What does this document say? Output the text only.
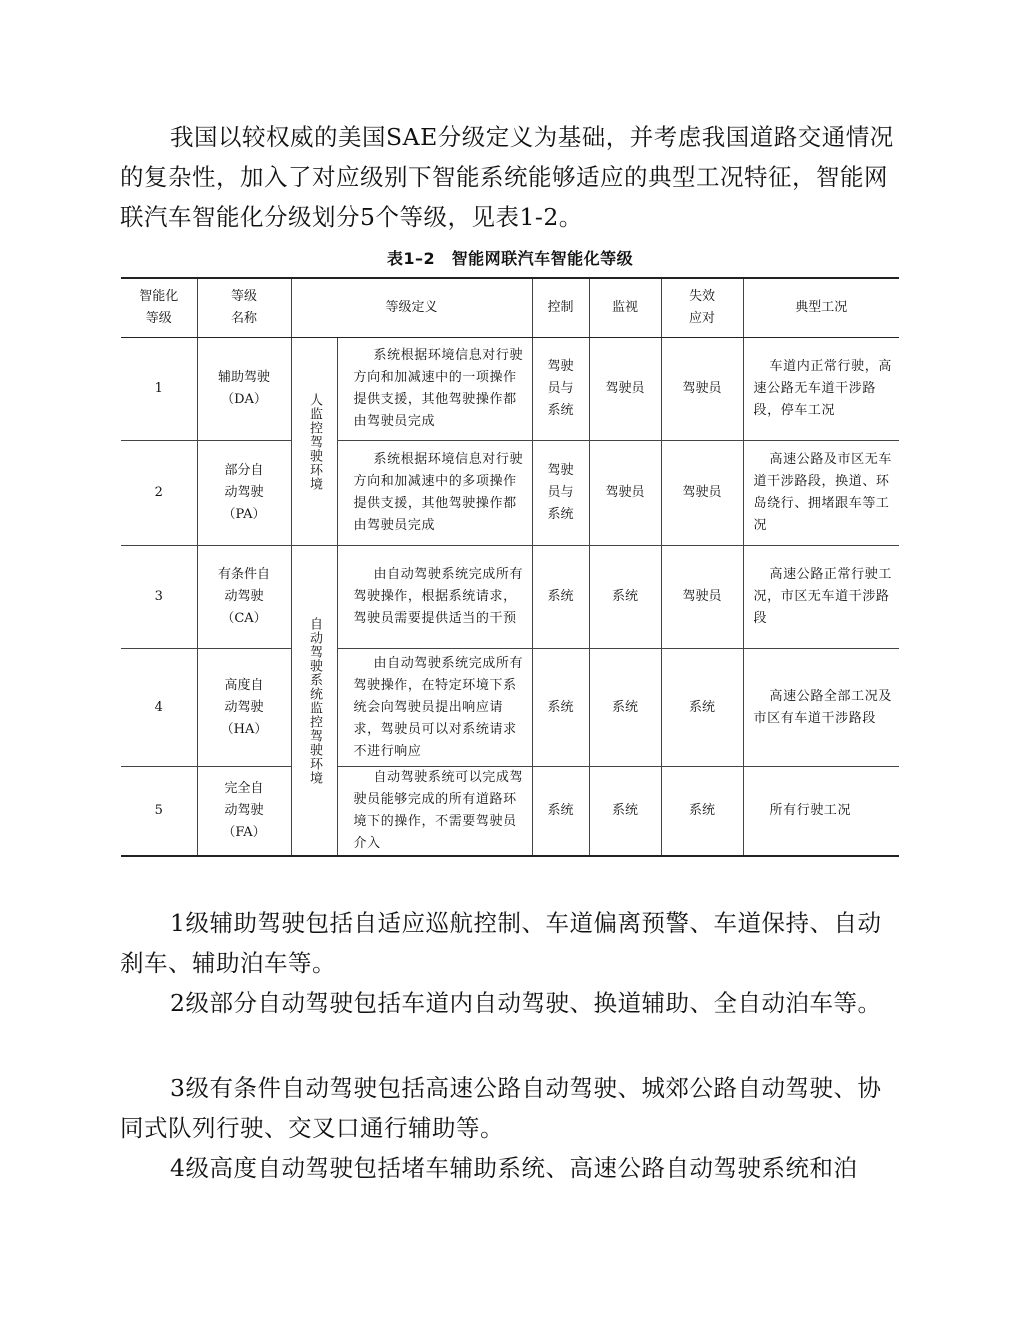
我国以较权威的美国SAE分级定义为基础，并考虑我国道路交通情况的复杂性，加入了对应级别下智能系统能够适应的典型工况特征，智能网联汽车智能化分级划分5个等级，见表1-2。

表1–2　智能网联汽车智能化等级
智能化等级	等级名称	等级定义		控制	监视	失效应对	典型工况
1	辅助驾驶（DA）	人监控驾驶环境	系统根据环境信息对行驶方向和加减速中的一项操作提供支援，其他驾驶操作都由驾驶员完成	驾驶员与系统	驾驶员	驾驶员	车道内正常行驶，高速公路无车道干涉路段，停车工况
2	部分自动驾驶（PA）		系统根据环境信息对行驶方向和加减速中的多项操作提供支援，其他驾驶操作都由驾驶员完成	驾驶员与系统	驾驶员	驾驶员	高速公路及市区无车道干涉路段，换道、环岛绕行、拥堵跟车等工况
3	有条件自动驾驶（CA）	自动驾驶系统监控驾驶环境	由自动驾驶系统完成所有驾驶操作，根据系统请求，驾驶员需要提供适当的干预	系统	系统	驾驶员	高速公路正常行驶工况，市区无车道干涉路段
4	高度自动驾驶（HA）		由自动驾驶系统完成所有驾驶操作，在特定环境下系统会向驾驶员提出响应请求，驾驶员可以对系统请求不进行响应	系统	系统	系统	高速公路全部工况及市区有车道干涉路段
5	完全自动驾驶（FA）		自动驾驶系统可以完成驾驶员能够完成的所有道路环境下的操作，不需要驾驶员介入	系统	系统	系统	所有行驶工况

1级辅助驾驶包括自适应巡航控制、车道偏离预警、车道保持、自动刹车、辅助泊车等。

2级部分自动驾驶包括车道内自动驾驶、换道辅助、全自动泊车等。

3级有条件自动驾驶包括高速公路自动驾驶、城郊公路自动驾驶、协同式队列行驶、交叉口通行辅助等。

4级高度自动驾驶包括堵车辅助系统、高速公路自动驾驶系统和泊
